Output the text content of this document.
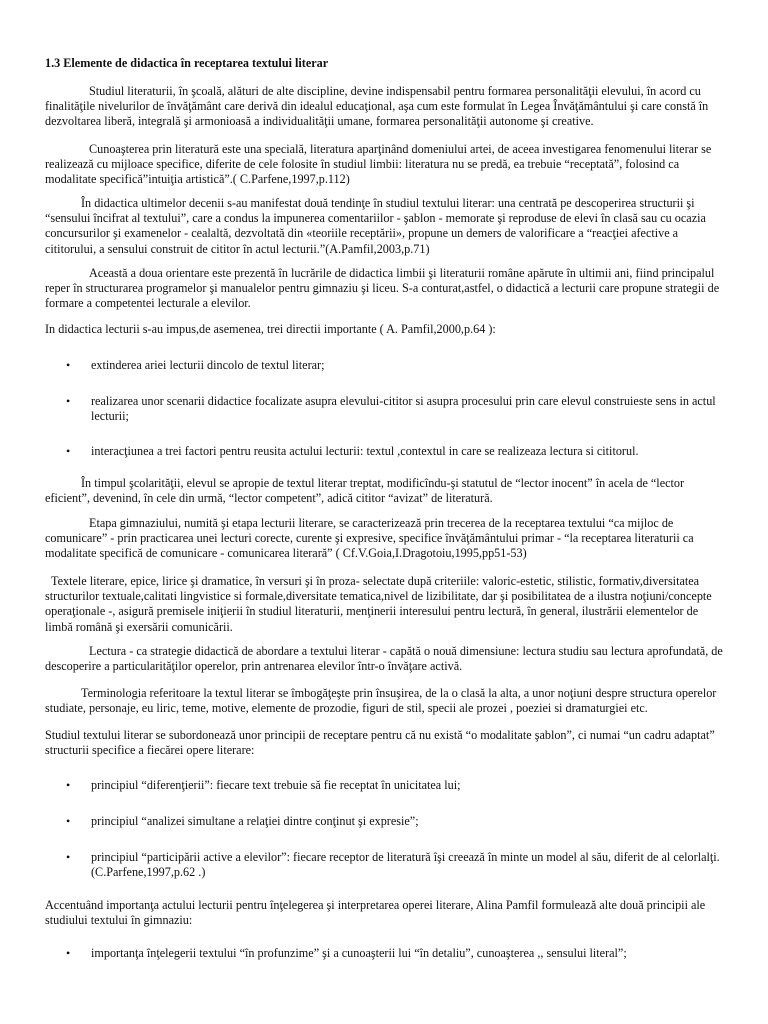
1.3 Elemente de didactica în receptarea textului literar

Studiul literaturii, în şcoală, alături de alte discipline, devine indispensabil pentru formarea personalităţii elevului, în acord cu finalităţile nivelurilor de învăţământ care derivă din idealul educaţional, aşa cum este formulat în Legea Învăţământului şi care constă în dezvoltarea liberă, integrală şi armonioasă a individualităţii umane, formarea personalităţii autonome şi creative.

Cunoaşterea prin literatură este una specială, literatura aparţinând domeniului artei, de aceea investigarea fenomenului literar se realizează cu mijloace specifice, diferite de cele folosite în studiul limbii: literatura nu se predă, ea trebuie “receptată”, folosind ca modalitate specifică”intuiţia artistică”.( C.Parfene,1997,p.112)

În didactica ultimelor decenii s-au manifestat două tendinţe în studiul textului literar: una centrată pe descoperirea structurii şi “sensului încifrat al textului”, care a condus la impunerea comentariilor - şablon - memorate şi reproduse de elevi în clasă sau cu ocazia concursurilor şi examenelor - cealaltă, dezvoltată din «teoriile receptării», propune un demers de valorificare a “reacţiei afective a cititorului, a sensului construit de cititor în actul lecturii.”(A.Pamfil,2003,p.71)

Această a doua orientare este prezentă în lucrările de didactica limbii şi literaturii române apărute în ultimii ani, fiind principalul reper în structurarea programelor şi manualelor pentru gimnaziu şi liceu. S-a conturat,astfel, o didactică a lecturii care propune strategii de formare a competentei lecturale a elevilor.

In didactica lecturii s-au impus,de asemenea, trei directii importante ( A. Pamfil,2000,p.64 ):

• extinderea ariei lecturii dincolo de textul literar;
• realizarea unor scenarii didactice focalizate asupra elevului-cititor si asupra procesului prin care elevul construieste sens in actul lecturii;
• interacţiunea a trei factori pentru reusita actului lecturii: textul ,contextul in care se realizeaza lectura si cititorul.

În timpul şcolarităţii, elevul se apropie de textul literar treptat, modificîndu-şi statutul de “lector inocent” în acela de “lector eficient”, devenind, în cele din urmă, “lector competent”, adică cititor “avizat” de literatură.

Etapa gimnaziului, numită şi etapa lecturii literare, se caracterizează prin trecerea de la receptarea textului “ca mijloc de comunicare” - prin practicarea unei lecturi corecte, curente şi expresive, specifice învăţământului primar - “la receptarea literaturii ca modalitate specifică de comunicare - comunicarea literară” ( Cf.V.Goia,I.Dragotoiu,1995,pp51-53)

Textele literare, epice, lirice şi dramatice, în versuri şi în proza- selectate după criteriile: valoric-estetic, stilistic, formativ,diversitatea structurilor textuale,calitati lingvistice si formale,diversitate tematica,nivel de lizibilitate, dar şi posibilitatea de a ilustra noţiuni/concepte operaţionale -, asigură premisele iniţierii în studiul literaturii, menţinerii interesului pentru lectură, în general, ilustrării elementelor de limbă română şi exersării comunicării.

Lectura - ca strategie didactică de abordare a textului literar - capătă o nouă dimensiune: lectura studiu sau lectura aprofundată, de descoperire a particularităţilor operelor, prin antrenarea elevilor într-o învăţare activă.

Terminologia referitoare la textul literar se îmbogăţeşte prin însuşirea, de la o clasă la alta, a unor noţiuni despre structura operelor studiate, personaje, eu liric, teme, motive, elemente de prozodie, figuri de stil, specii ale prozei , poeziei si dramaturgiei etc.

Studiul textului literar se subordonează unor principii de receptare pentru că nu există “o modalitate şablon”, ci numai “un cadru adaptat” structurii specifice a fiecărei opere literare:

• principiul “diferenţierii”: fiecare text trebuie să fie receptat în unicitatea lui;
• principiul “analizei simultane a relaţiei dintre conţinut şi expresie”;
• principiul “participării active a elevilor”: fiecare receptor de literatură îşi creează în minte un model al său, diferit de al celorlalţi. (C.Parfene,1997,p.62 .)

Accentuând importanţa actului lecturii pentru înţelegerea şi interpretarea operei literare, Alina Pamfil formulează alte două principii ale studiului textului în gimnaziu:

• importanţa înţelegerii textului “în profunzime” şi a cunoaşterii lui “în detaliu”, cunoaşterea ,, sensului literal”;
